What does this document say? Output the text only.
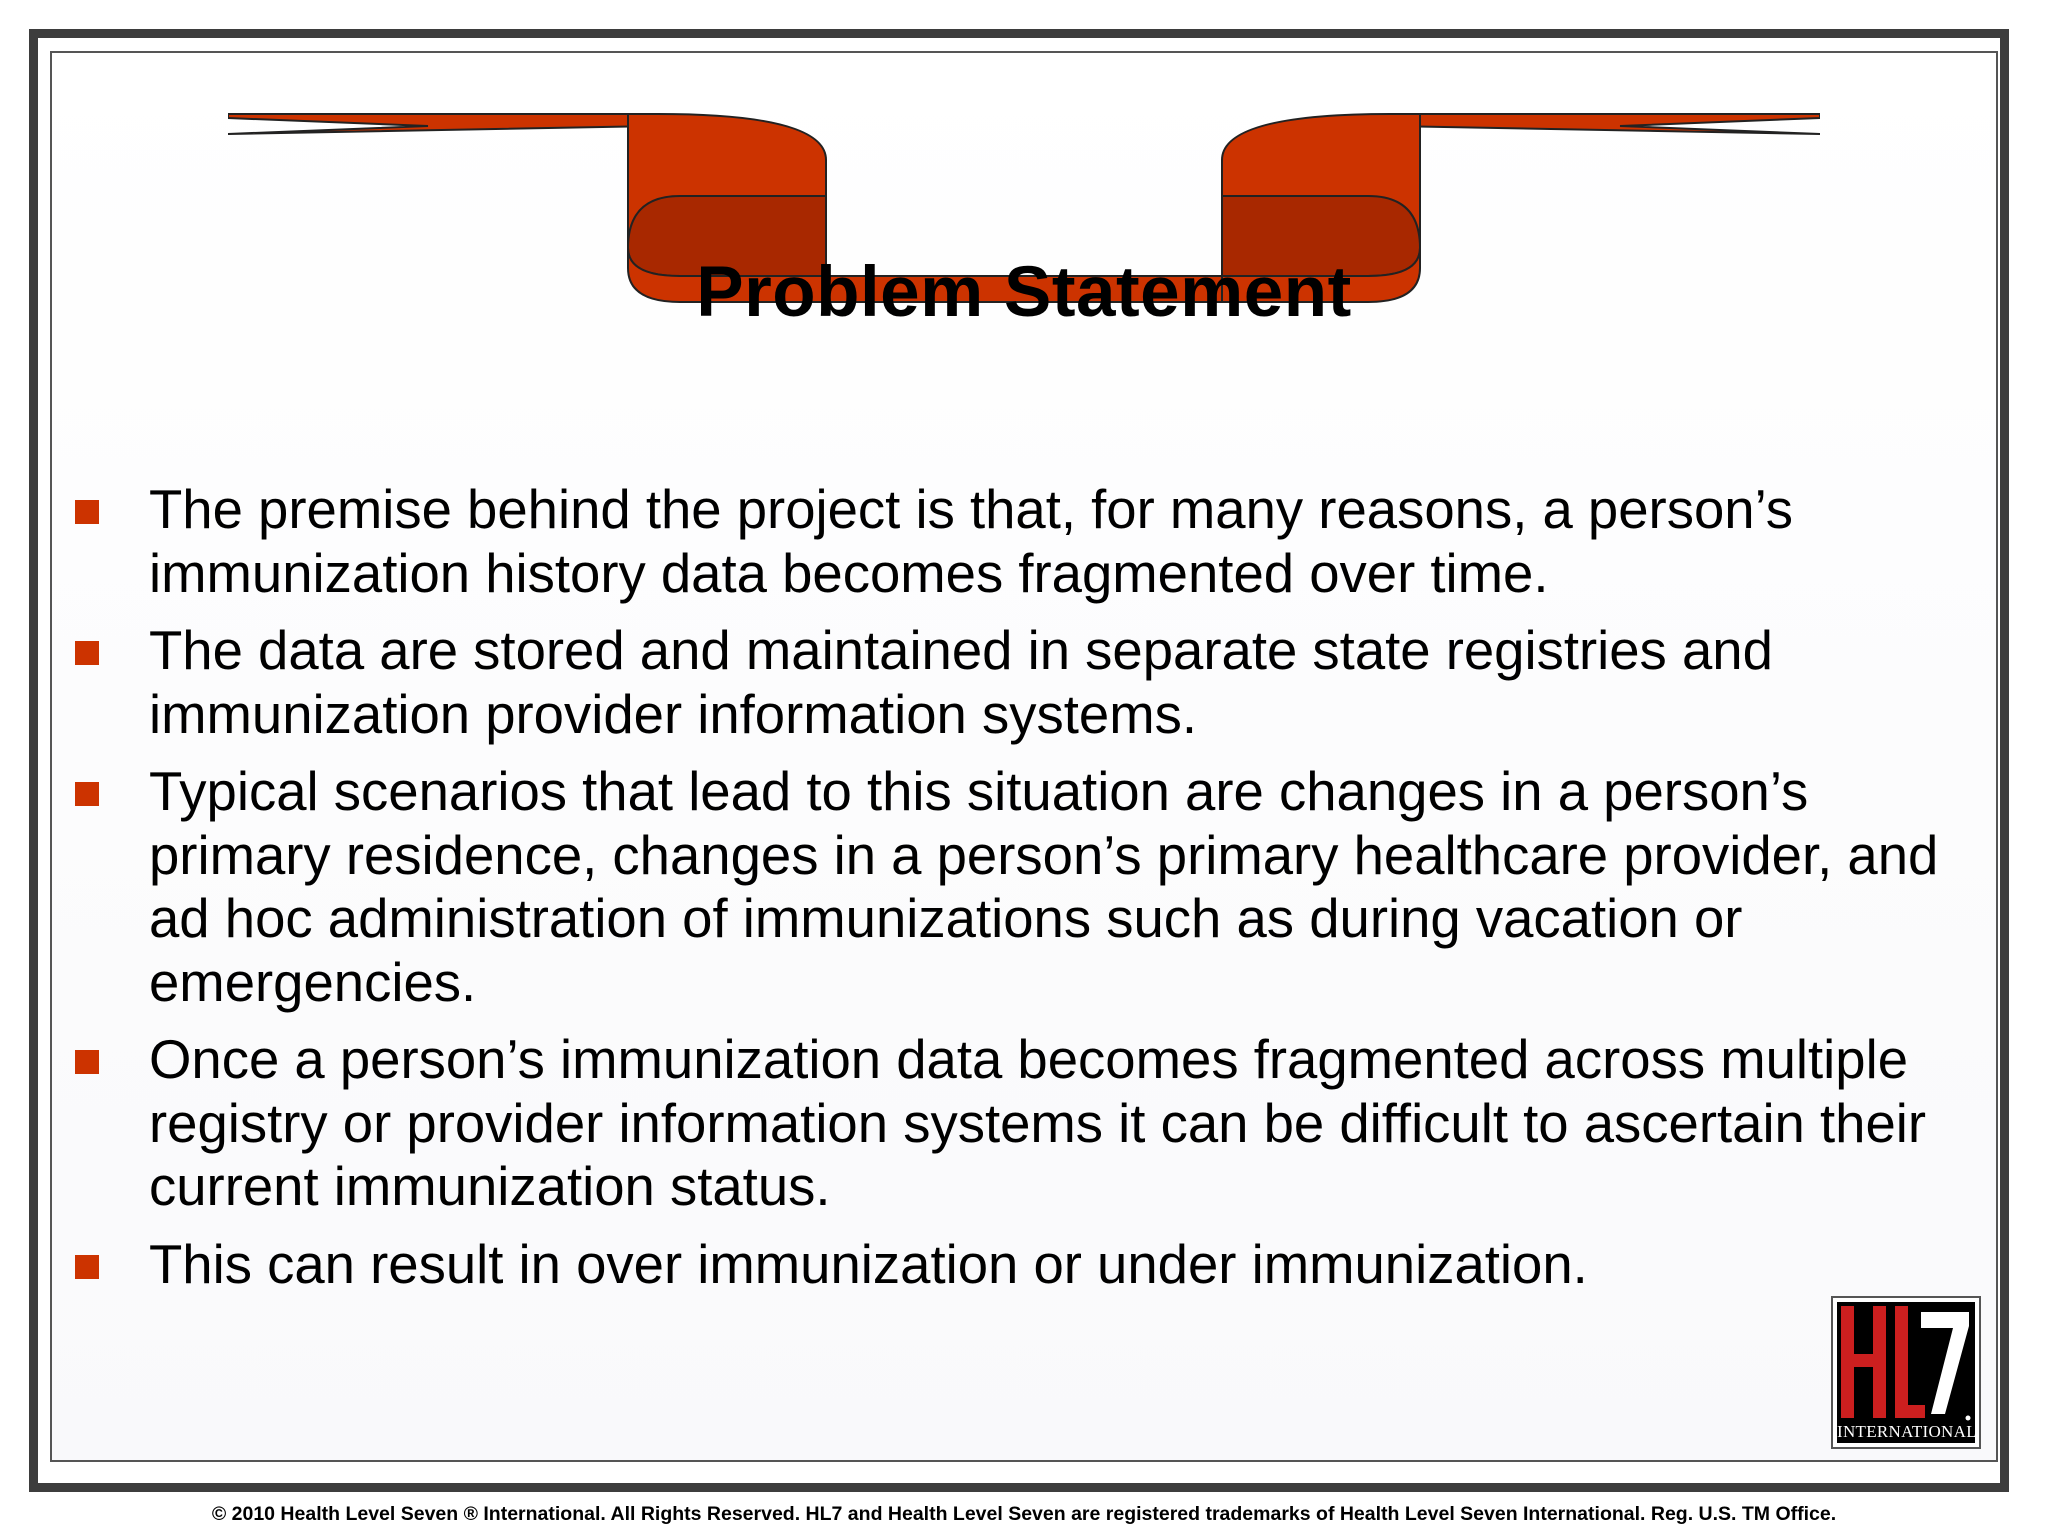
Problem Statement
The premise behind the project is that, for many reasons, a person’s immunization history data becomes fragmented over time.
The data are stored and maintained in separate state registries and immunization provider information systems.
Typical scenarios that lead to this situation are changes in a person’s primary residence, changes in a person’s primary healthcare provider, and ad hoc administration of immunizations such as during vacation or emergencies.
Once a person’s immunization data becomes fragmented across multiple registry or provider information systems it can be difficult to ascertain their current immunization status.
This can result in over immunization or under immunization.
INTERNATIONAL
© 2010 Health Level Seven ® International. All Rights Reserved. HL7 and Health Level Seven are registered trademarks of Health Level Seven International. Reg. U.S. TM Office.
